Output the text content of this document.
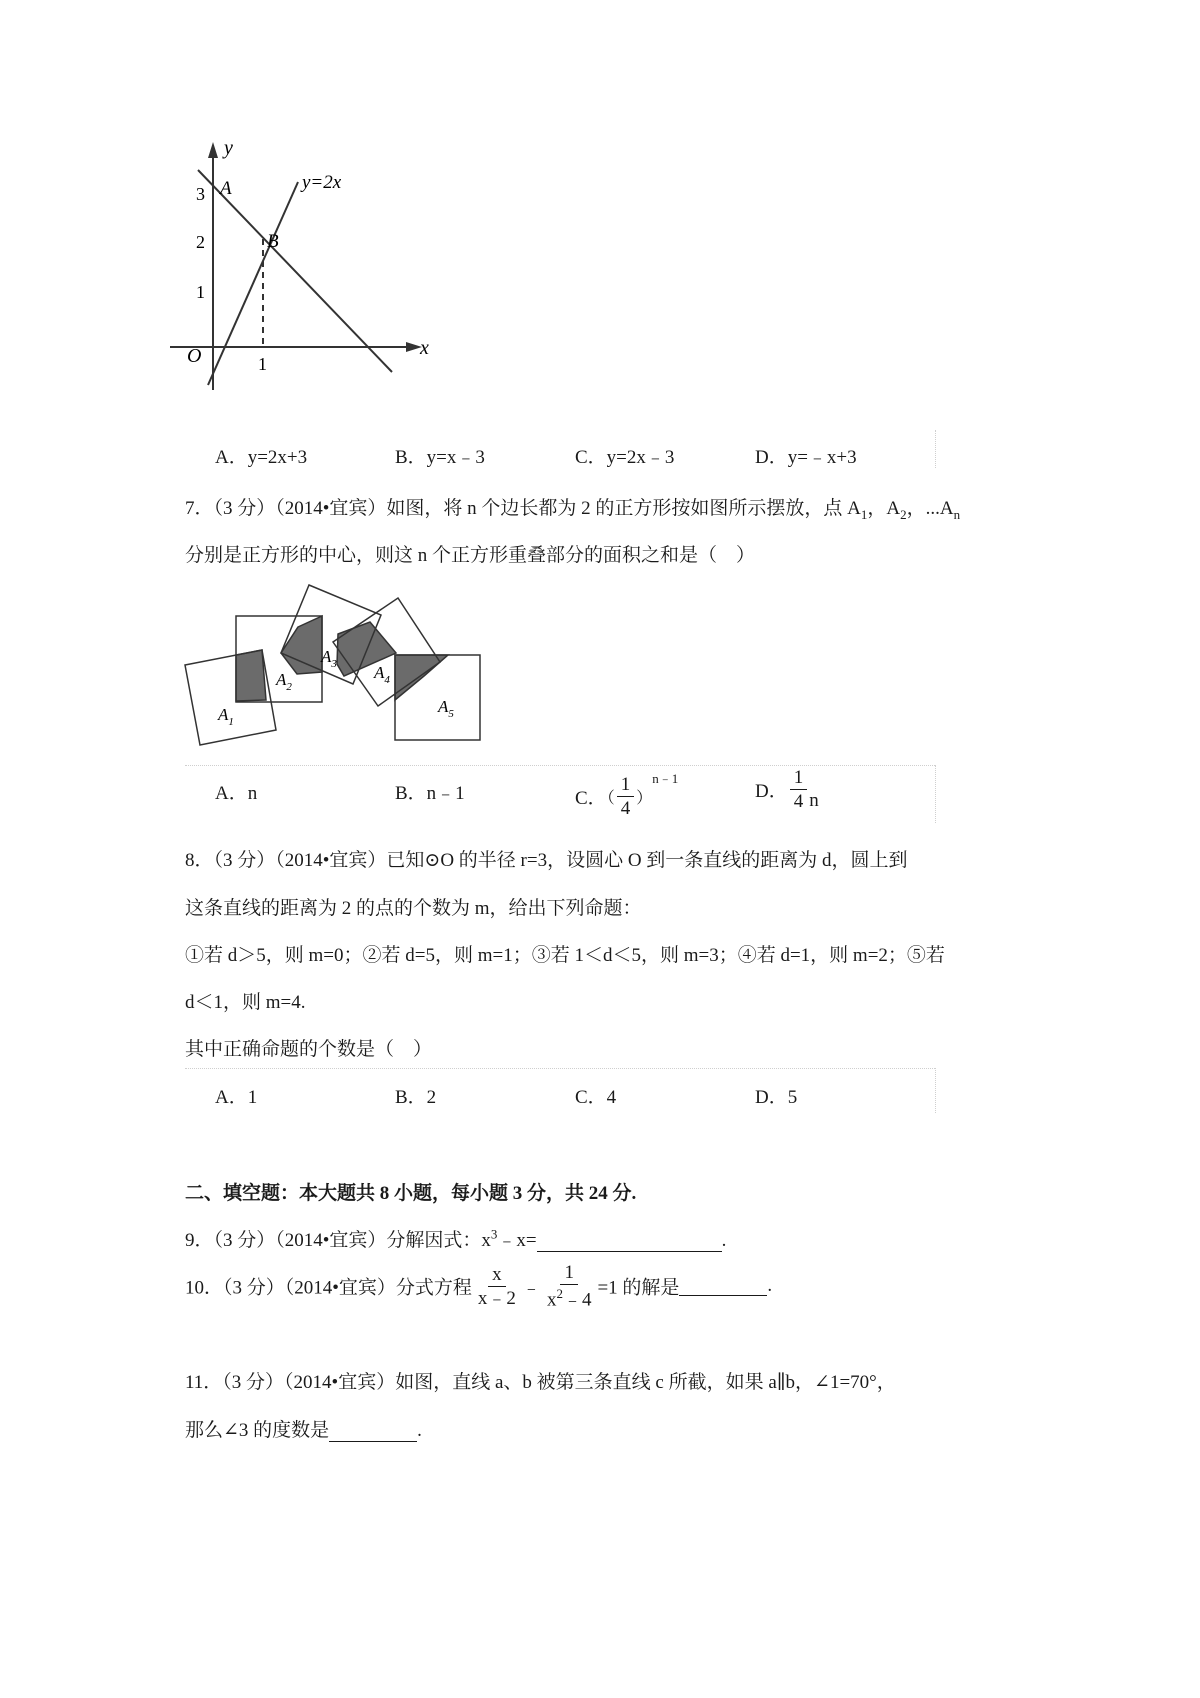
y
x
O
3
2
1
1
A
B
y=2x
A．y=2x+3	B．y=x﹣3	C．y=2x﹣3	D．y=﹣x+3
7．（3 分）（2014•宜宾）如图，将 n 个边长都为 2 的正方形按如图所示摆放，点 $A_1$，$A_2$，$...A_n$
分别是正方形的中心，则这 n 个正方形重叠部分的面积之和是（　）
$A_1$
$A_2$
$A_3$ $A_4$
$A_5$
A．n	B．n﹣1	C．（ $\frac{1}{4} )^{n﹣1}$
D． $\frac{1}{4}$ n
8．（3 分）（2014•宜宾）已知⊙O 的半径 r=3，设圆心 O 到一条直线的距离为 d，圆上到
这条直线的距离为 2 的点的个数为 m，给出下列命题：
①若 d＞5，则 m=0；②若 d=5，则 m=1；③若 1＜d＜5，则 m=3；④若 d=1，则 m=2；⑤若
d＜1，则 m=4.
其中正确命题的个数是（　）
A．1	B．2	C．4	D．5
二、填空题：本大题共 8 小题，每小题 3 分，共 24 分.
9．（3 分）（2014•宜宾）分解因式：$x^3﹣x=$	.
10．（3 分）（2014•宜宾）分式方程 $\frac{x}{x﹣2}$ ﹣ $\frac{1}{x^2﹣4} =1$ 的解是	.
11．（3 分）（2014•宜宾）如图，直线 a、b 被第三条直线 c 所截，如果 a∥b，∠1=70°，
那么∠3 的度数是	.
